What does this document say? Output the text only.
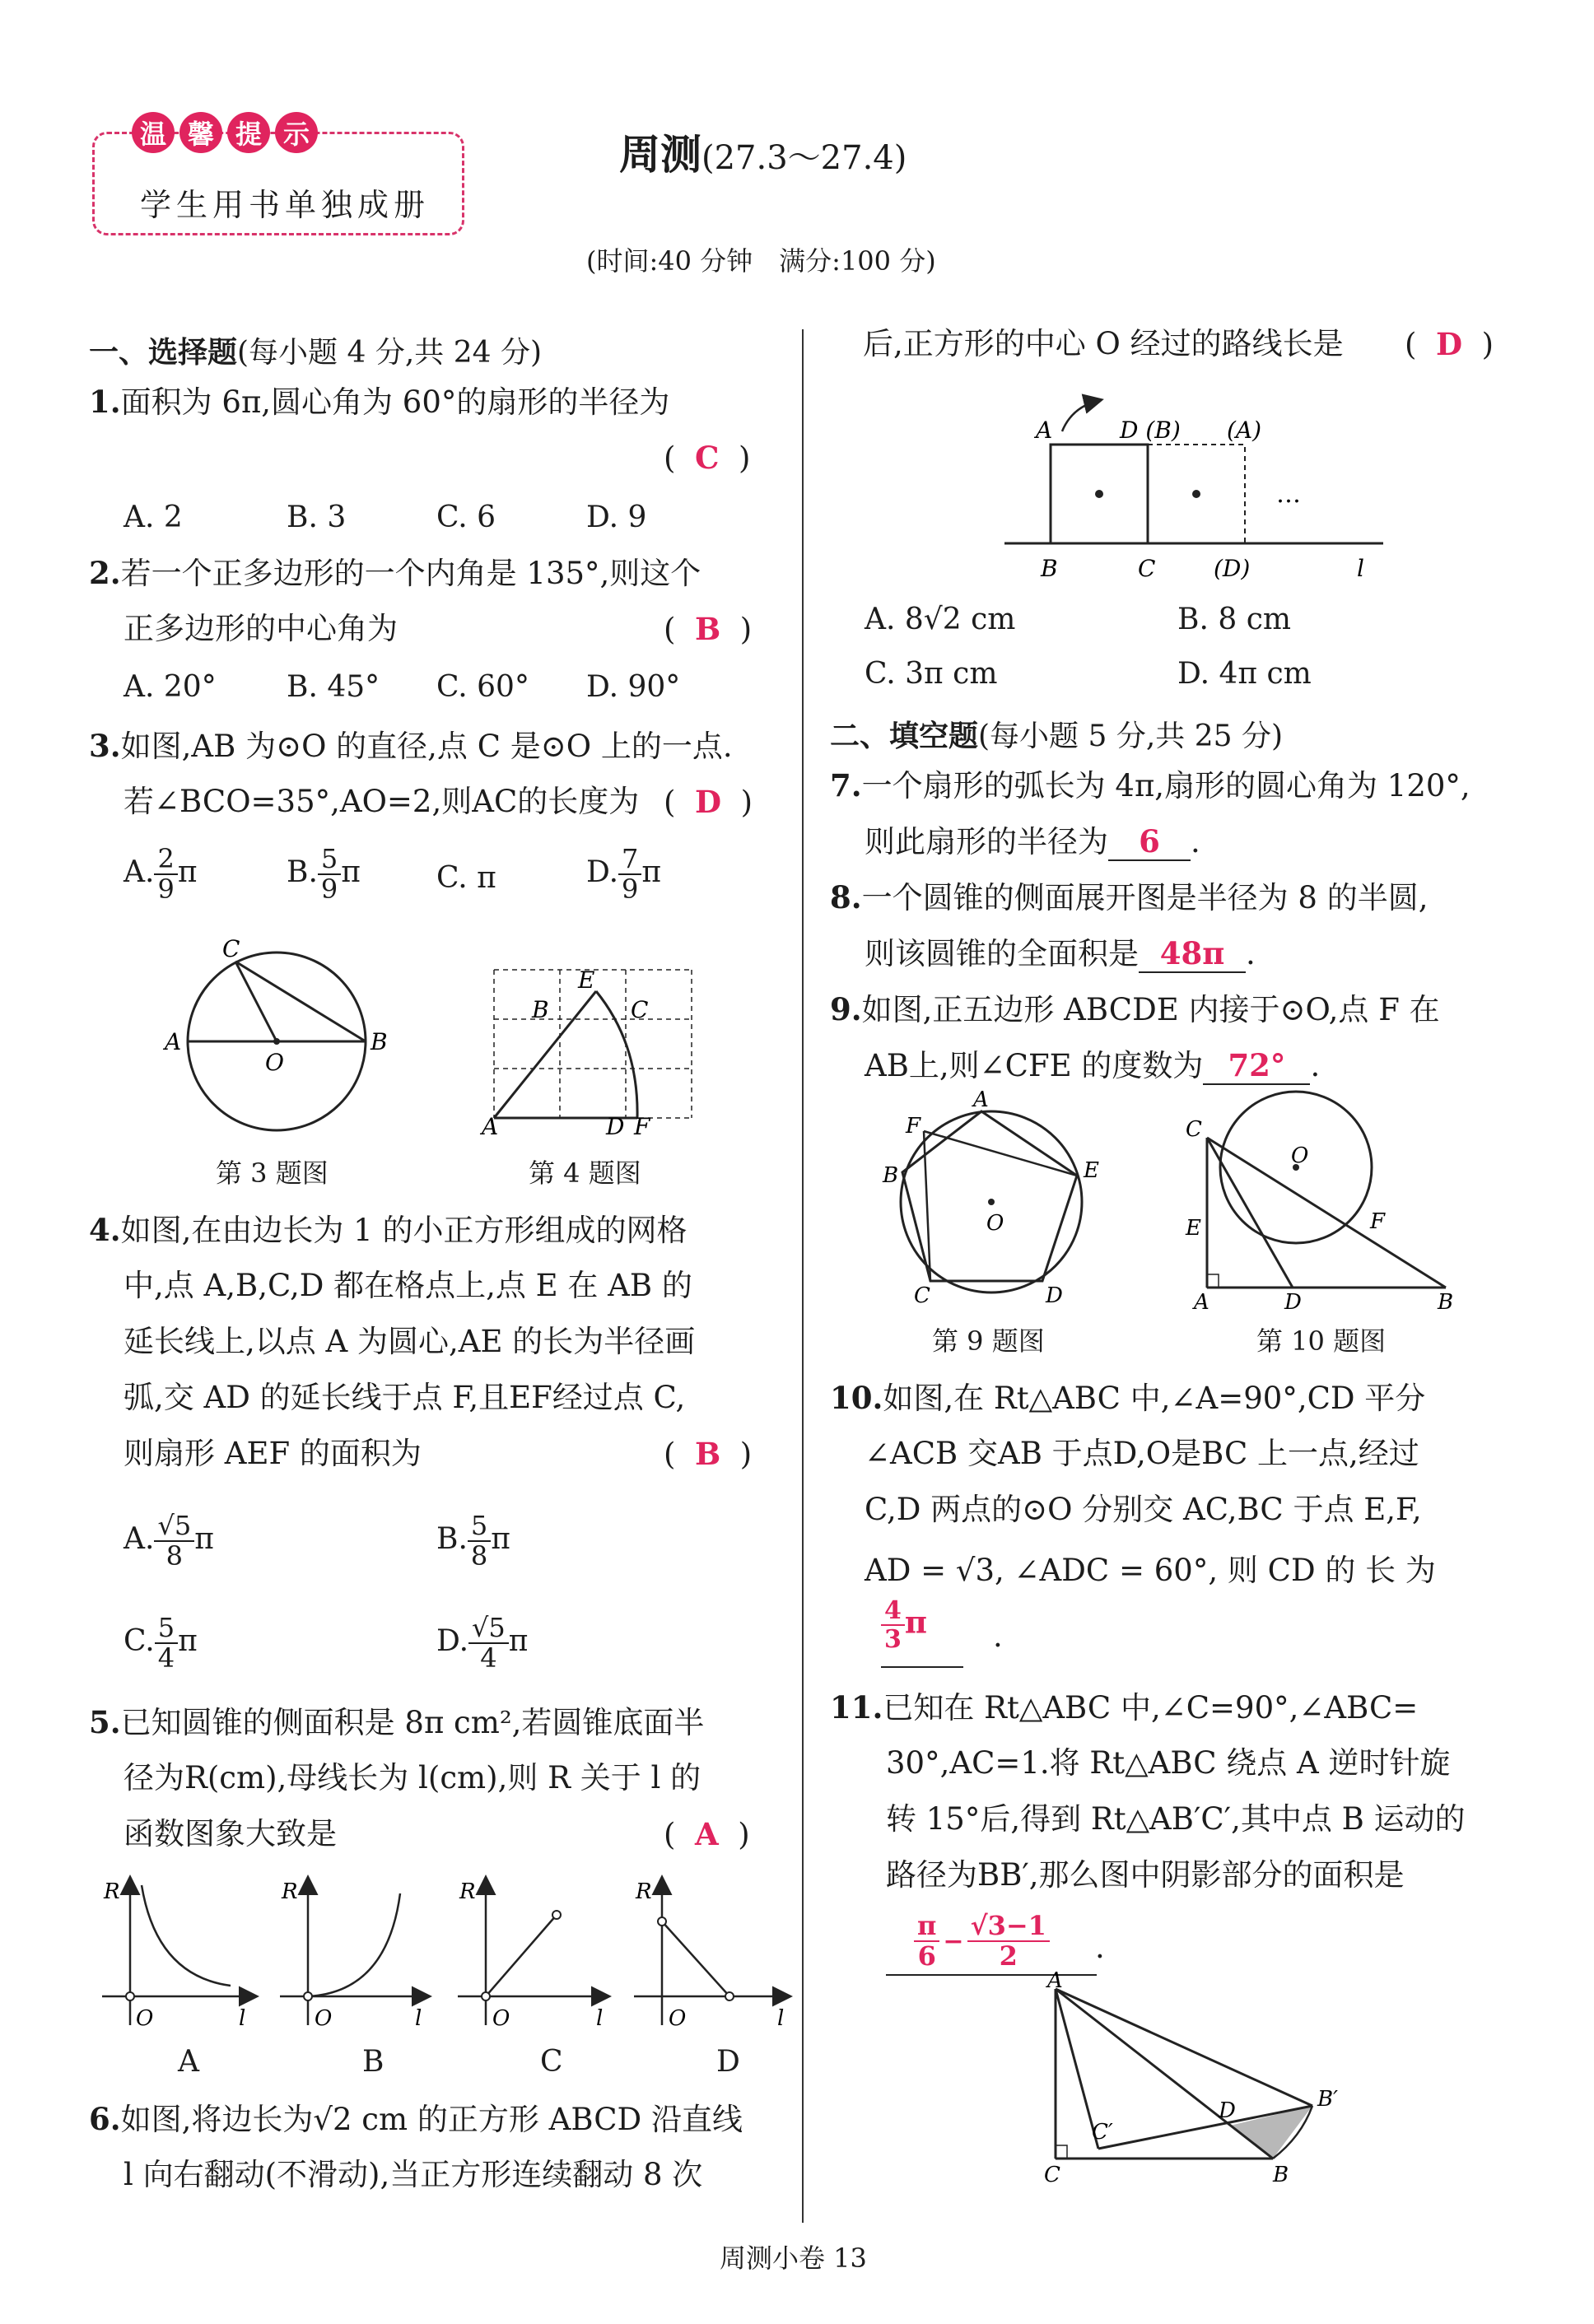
温 馨 提 示
学生用书单独成册
周测(27.3～27.4)
(时间:40 分钟　满分:100 分)
一、选择题(每小题 4 分,共 24 分)
1.面积为 6π,圆心角为 60°的扇形的半径为
(  C  )
A. 2	B. 3	C. 6	D. 9
2.若一个正多边形的一个内角是 135°,则这个
正多边形的中心角为	(  B  )
A. 20° B. 45° C. 60° D. 90°
3.如图,AB 为⊙O 的直径,点 C 是⊙O 上的一点.
若∠BCO=35°,AO=2,则AC的长度为 (  D  )
A. $\frac{2}{9}$ π	B. $\frac{5}{9}$ π	C. π	D. $\frac{7}{9}$ π
C
A	B
O
第 3 题图
A
B	C
E
D F
第 4 题图
4.如图,在由边长为 1 的小正方形组成的网格
中,点 A,B,C,D 都在格点上,点 E 在 AB 的
延长线上,以点 A 为圆心,AE 的长为半径画
弧,交 AD 的延长线于点 F,且EF经过点 C,
则扇形 AEF 的面积为	(  B  )
A. $\frac{√5}{8}$ π	B. $\frac{5}{8}$ π
C. $\frac{5}{4}$ π	D. $\frac{√5}{4}$ π
5.已知圆锥的侧面积是 8π cm²,若圆锥底面半
径为R(cm),母线长为 l(cm),则 R 关于 l 的
函数图象大致是	(  A  )
R
O	l
R
O	l
R
O	l
R
O	l
A	B	C	D
6.如图,将边长为√2 cm 的正方形 ABCD 沿直线
l 向右翻动(不滑动),当正方形连续翻动 8 次
后,正方形的中心 O 经过的路线长是 (  D  )
A	D (B) (A)
…
B	C	(D)	l
A. 8√2 cm	B. 8 cm
C. 3π cm	D. 4π cm
二、填空题(每小题 5 分,共 25 分)
7.一个扇形的弧长为 4π,扇形的圆心角为 120°,
则此扇形的半径为 6 .
8.一个圆锥的侧面展开图是半径为 8 的半圆,
则该圆锥的全面积是 48π .
9.如图,正五边形 ABCDE 内接于⊙O,点 F 在
AB上,则∠CFE 的度数为 72° .
A
F
B	E
C	D
O
第 9 题图
C
E
A	D	B
F
O
第 10 题图
10.如图,在 Rt△ABC 中,∠A=90°,CD 平分
∠ACB 交AB 于点D,O是BC 上一点,经过
C,D 两点的⊙O 分别交 AC,BC 于点 E,F,
AD = √3, ∠ADC = 60°, 则 CD 的 长 为
$\frac{4}{3}$ π .
11.已知在 Rt△ABC 中,∠C=90°,∠ABC=
30°,AC=1.将 Rt△ABC 绕点 A 逆时针旋
转 15°后,得到 Rt△AB′C′,其中点 B 运动的
路径为BB′,那么图中阴影部分的面积是
$\frac{\pi}{6} - \frac{√3-1}{2}$ .
A
C	B
D	B′
C′
周测小卷 13
